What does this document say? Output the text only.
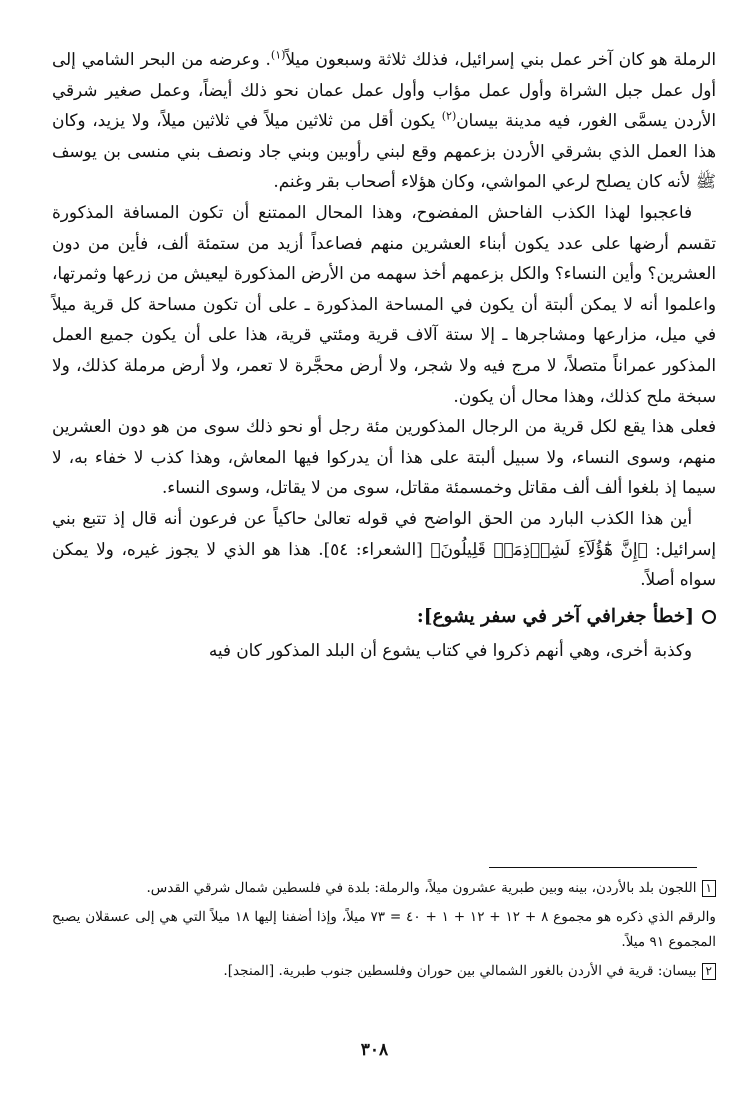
الرملة هو كان آخر عمل بني إسرائيل، فذلك ثلاثة وسبعون ميلاً$^{(١)}$. وعرضه من البحر الشامي إلى أول عمل جبل الشراة وأول عمل مؤاب وأول عمل عمان نحو ذلك أيضاً، وعمل صغير شرقي الأردن يسمَّى الغور، فيه مدينة بيسان$^{(٢)}$ يكون أقل من ثلاثين ميلاً في ثلاثين ميلاً، ولا يزيد، وكان هذا العمل الذي بشرقي الأردن بزعمهم وقع لبني رأوبين وبني جاد ونصف بني منسى بن يوسف ﷺ لأنه كان يصلح لرعي المواشي، وكان هؤلاء أصحاب بقر وغنم.

فاعجبوا لهذا الكذب الفاحش المفضوح، وهذا المحال الممتنع أن تكون المسافة المذكورة تقسم أرضها على عدد يكون أبناء العشرين منهم فصاعداً أزيد من ستمئة ألف، فأين من دون العشرين؟ وأين النساء؟ والكل بزعمهم أخذ سهمه من الأرض المذكورة ليعيش من زرعها وثمرتها، واعلموا أنه لا يمكن ألبتة أن يكون في المساحة المذكورة ـ على أن تكون مساحة كل قرية ميلاً في ميل، مزارعها ومشاجرها ـ إلا ستة آلاف قرية ومئتي قرية، هذا على أن يكون جميع العمل المذكور عمراناً متصلاً، لا مرج فيه ولا شجر، ولا أرض محجَّرة لا تعمر، ولا أرض مرملة كذلك، ولا سبخة ملح كذلك، وهذا محال أن يكون.

فعلى هذا يقع لكل قرية من الرجال المذكورين مئة رجل أو نحو ذلك سوى من هو دون العشرين منهم، وسوى النساء، ولا سبيل ألبتة على هذا أن يدركوا فيها المعاش، وهذا كذب لا خفاء به، لا سيما إذ بلغوا ألف ألف مقاتل وخمسمئة مقاتل، سوى من لا يقاتل، وسوى النساء.

أين هذا الكذب البارد من الحق الواضح في قوله تعالىٰ حاكياً عن فرعون أنه قال إذ تتبع بني إسرائيل: ﴿إِنَّ هَٰٓؤُلَآءِ لَشِرۡذِمَةٞ قَلِيلُونَ﴾ [الشعراء: ٥٤]. هذا هو الذي لا يجوز غيره، ولا يمكن سواه أصلاً.

[خطأ جغرافي آخر في سفر يشوع]:

وكذبة أخرى، وهي أنهم ذكروا في كتاب يشوع أن البلد المذكور كان فيه

١اللجون بلد بالأردن، بينه وبين طبرية عشرون ميلاً، والرملة: بلدة في فلسطين شمال شرقي القدس.

والرقم الذي ذكره هو مجموع ٨ + ١٢ + ١٢ + ١ + ٤٠ = ٧٣ ميلاً، وإذا أضفنا إليها ١٨ ميلاً التي هي إلى عسقلان يصبح المجموع ٩١ ميلاً.

٢بيسان: قرية في الأردن بالغور الشمالي بين حوران وفلسطين جنوب طبرية. [المنجد].

٣٠٨
